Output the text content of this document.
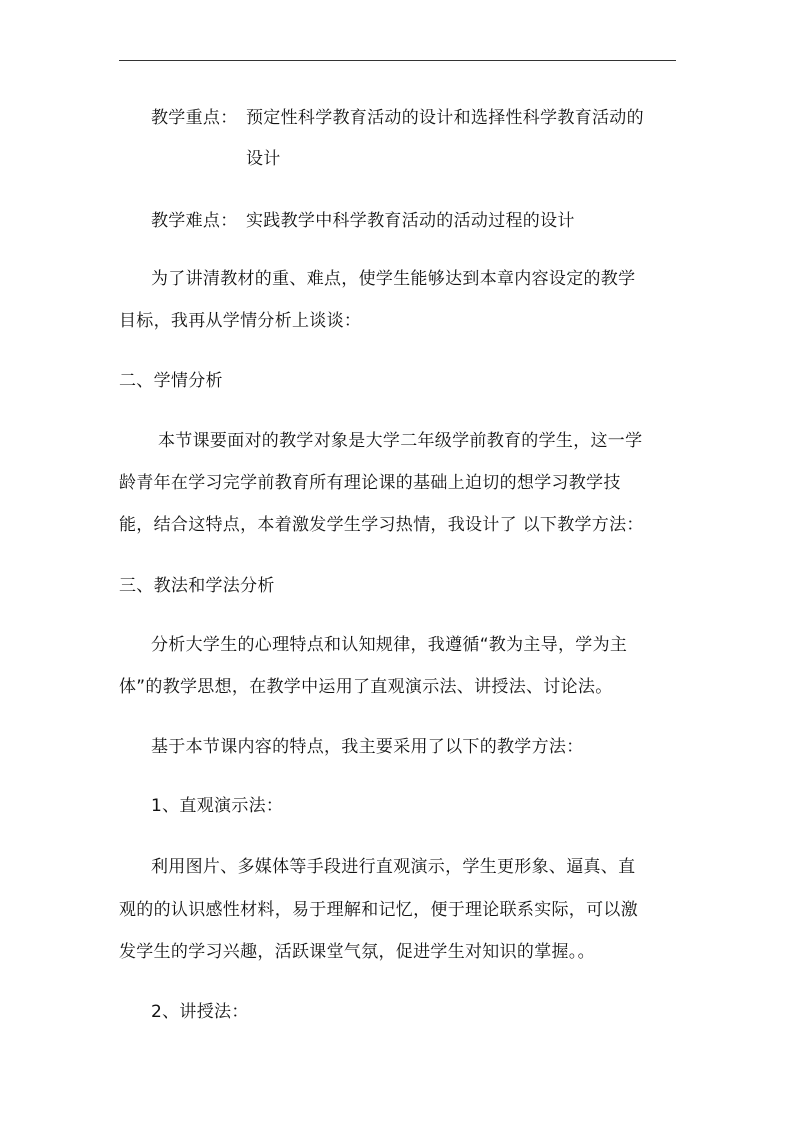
教学重点： 预定性科学教育活动的设计和选择性科学教育活动的
设计
教学难点： 实践教学中科学教育活动的活动过程的设计
为了讲清教材的重、难点，使学生能够达到本章内容设定的教学
目标，我再从学情分析上谈谈：
二、学情分析
本节课要面对的教学对象是大学二年级学前教育的学生，这一学
龄青年在学习完学前教育所有理论课的基础上迫切的想学习教学技
能，结合这特点，本着激发学生学习热情，我设计了 以下教学方法：
三、教法和学法分析
分析大学生的心理特点和认知规律，我遵循“教为主导，学为主
体”的教学思想，在教学中运用了直观演示法、讲授法、讨论法。
基于本节课内容的特点，我主要采用了以下的教学方法：
1、直观演示法：
利用图片、多媒体等手段进行直观演示，学生更形象、逼真、直
观的的认识感性材料，易于理解和记忆，便于理论联系实际，可以激
发学生的学习兴趣，活跃课堂气氛，促进学生对知识的掌握。。
2、讲授法：
